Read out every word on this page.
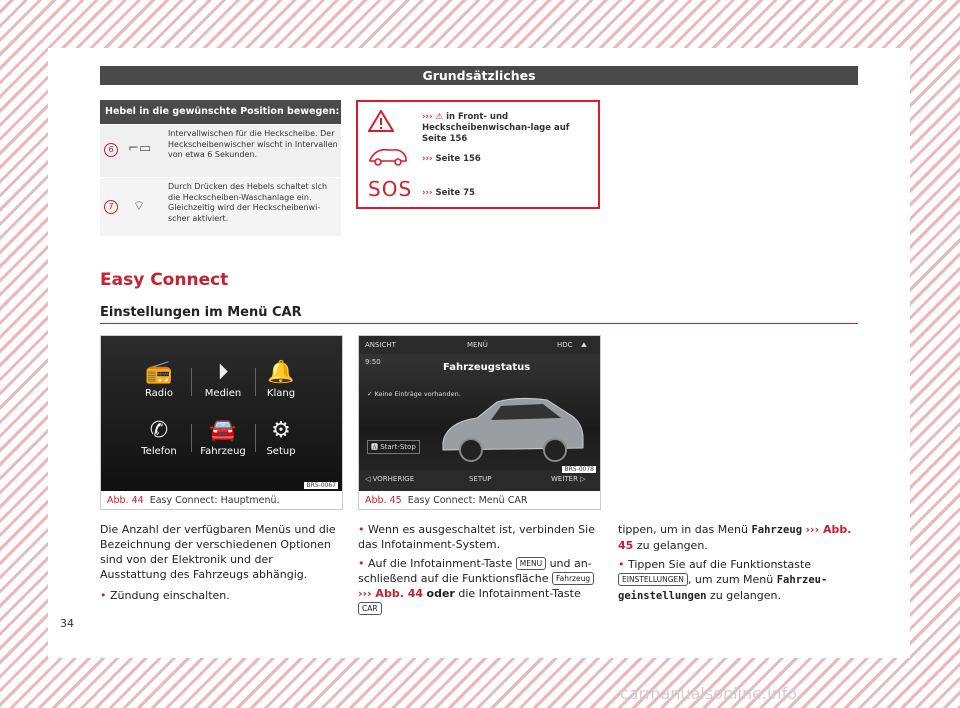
Grundsätzliches
Hebel in die gewünschte Position bewegen:
6	⌐▭
Intervallwischen für die Heckscheibe. Der Heckscheibenwischer wischt in Intervallen von etwa 6 Sekunden.
7	⌔
Durch Drücken des Hebels schaltet sich die Heckscheiben-Waschanlage ein. Gleichzeitig wird der Heckscheibenwi-scher aktiviert.
››› ⚠ in Front- und Heckscheibenwischan-lage auf Seite 156
››› Seite 156
SOS ››› Seite 75
Easy Connect
Einstellungen im Menü CAR
📻
Radio
⏵
Medien
🔔
Klang
✆
Telefon
🚘
Fahrzeug
⚙
Setup
BR5-0067
Abb. 44 Easy Connect: Hauptmenü.
ANSICHT	MENÜ	HDC ⛰
9:50	Fahrzeugstatus
✓ Keine Einträge vorhanden.
🅰 Start-Stop
◁ VORHERIGE	SETUP	WEITER ▷
BR5-0078
Abb. 45 Easy Connect: Menü CAR
Die Anzahl der verfügbaren Menüs und die Bezeichnung der verschiedenen Optionen sind von der Elektronik und der Ausstattung des Fahrzeugs abhängig.
• Zündung einschalten.
• Wenn es ausgeschaltet ist, verbinden Sie das Infotainment-System.
• Auf die Infotainment-Taste MENU und an-schließend auf die Funktionsfläche Fahrzeug ››› Abb. 44 oder die Infotainment-Taste CAR
tippen, um in das Menü Fahrzeug ››› Abb. 45 zu gelangen.
• Tippen Sie auf die Funktionstaste EINSTELLUNGEN , um zum Menü Fahrzeu-geinstellungen zu gelangen.
34
carmanualsonline.info
